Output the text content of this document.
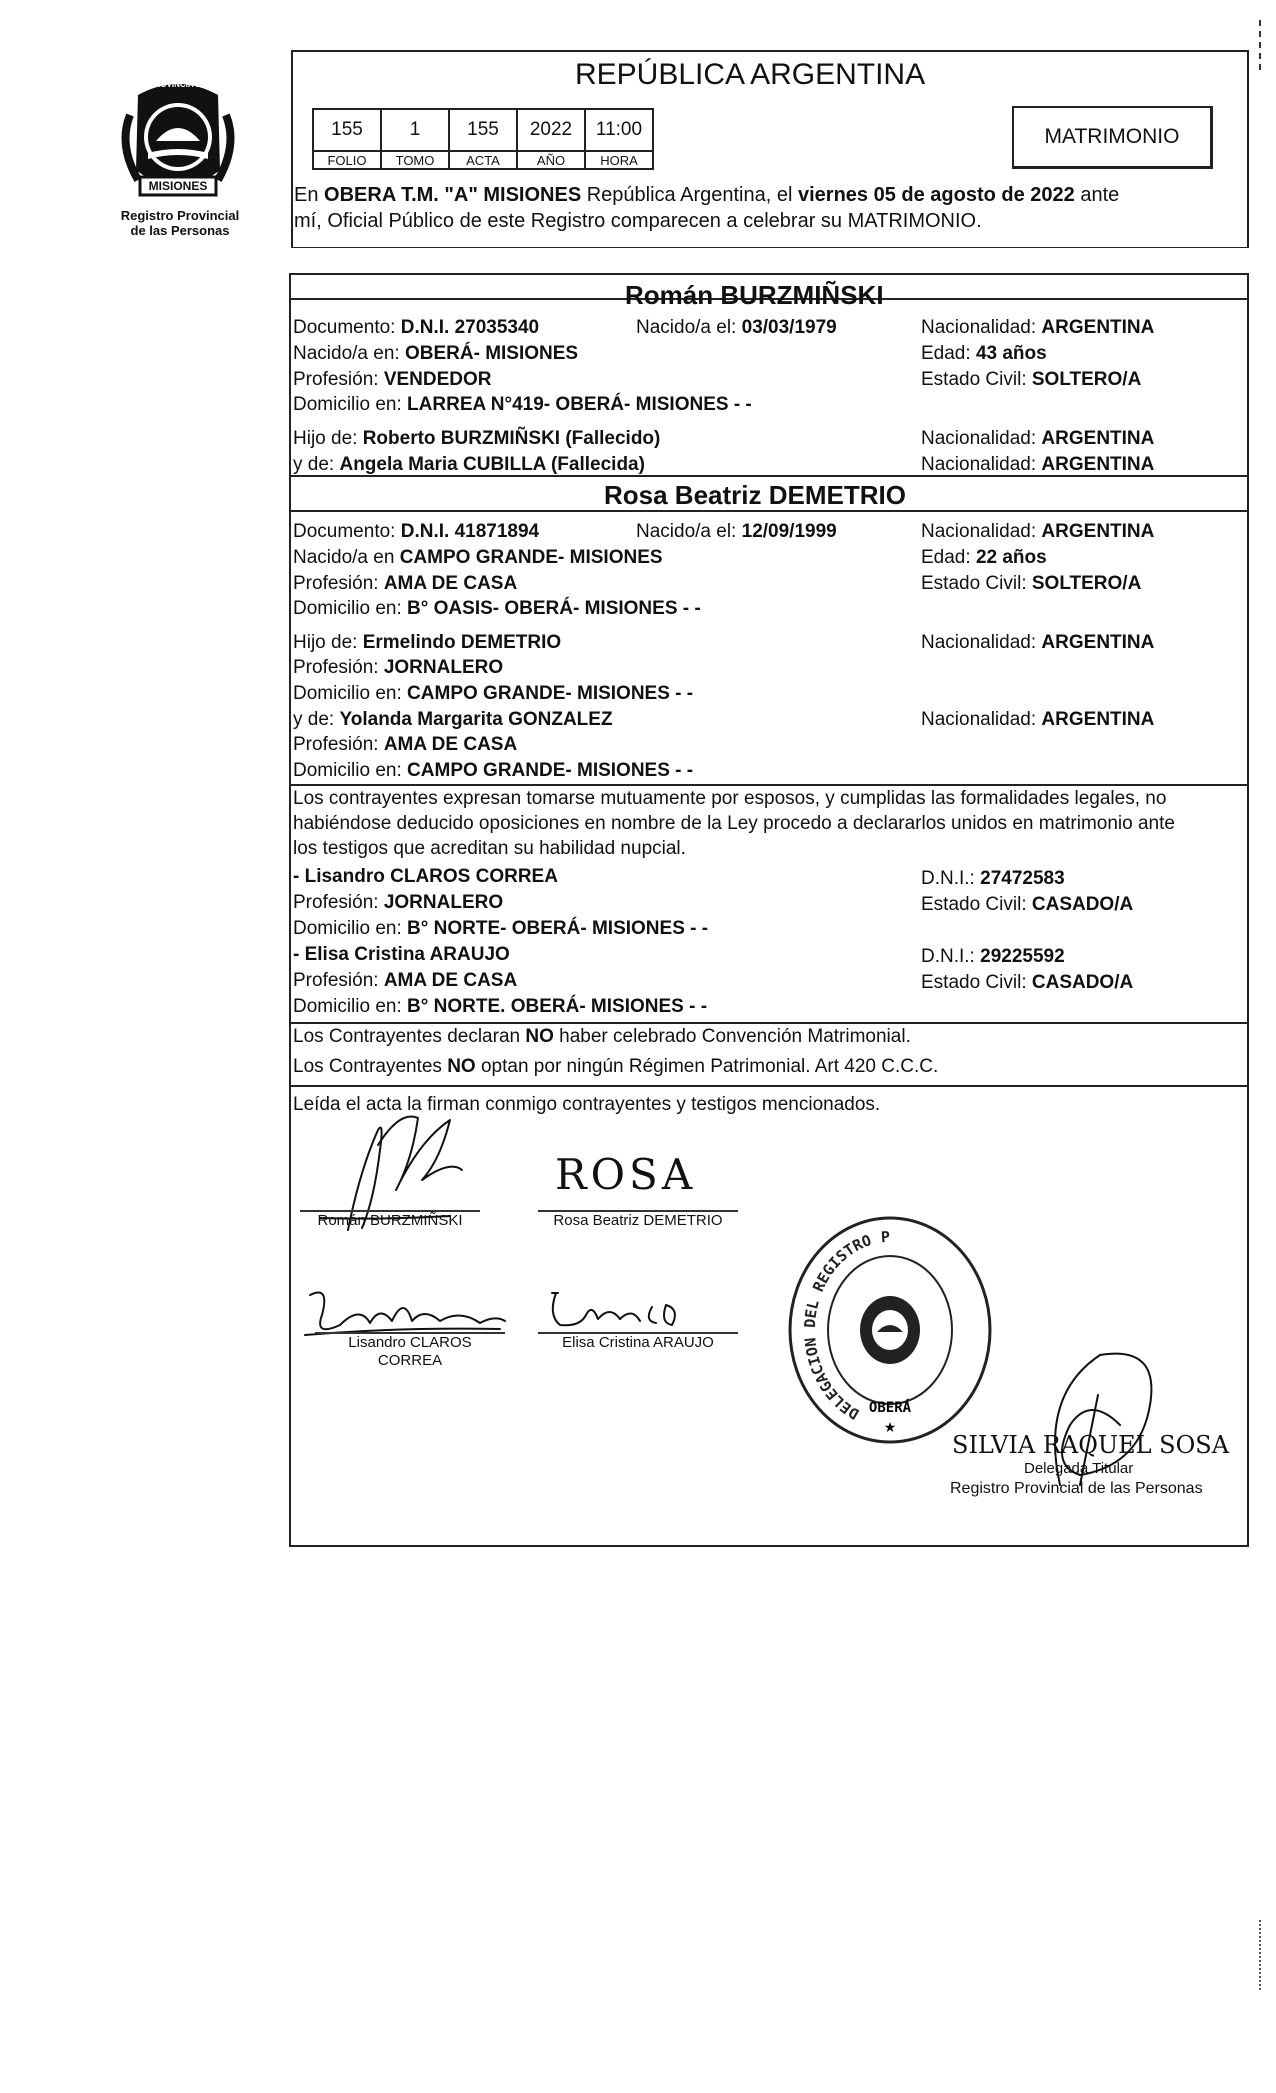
PROVINCIA DE
MISIONES
Registro Provincial
de las Personas
REPÚBLICA ARGENTINA
155	1	155	2022	11:00
FOLIO	TOMO	ACTA	AÑO	HORA
MATRIMONIO
En OBERA T.M. "A" MISIONES República Argentina, el viernes 05 de agosto de 2022 ante
mí, Oficial Público de este Registro comparecen a celebrar su MATRIMONIO.
Román BURZMIÑSKI
Documento: D.N.I. 27035340	Nacido/a el: 03/03/1979	Nacionalidad: ARGENTINA
Nacido/a en: OBERÁ- MISIONES	Edad: 43 años
Profesión: VENDEDOR	Estado Civil: SOLTERO/A
Domicilio en: LARREA N°419- OBERÁ- MISIONES - -
Hijo de: Roberto BURZMIÑSKI (Fallecido)	Nacionalidad: ARGENTINA
y de: Angela Maria CUBILLA (Fallecida)	Nacionalidad: ARGENTINA
Rosa Beatriz DEMETRIO
Documento: D.N.I. 41871894	Nacido/a el: 12/09/1999	Nacionalidad: ARGENTINA
Nacido/a en CAMPO GRANDE- MISIONES	Edad: 22 años
Profesión: AMA DE CASA	Estado Civil: SOLTERO/A
Domicilio en: B° OASIS- OBERÁ- MISIONES - -
Hijo de: Ermelindo DEMETRIO	Nacionalidad: ARGENTINA
Profesión: JORNALERO
Domicilio en: CAMPO GRANDE- MISIONES - -
y de: Yolanda Margarita GONZALEZ	Nacionalidad: ARGENTINA
Profesión: AMA DE CASA
Domicilio en: CAMPO GRANDE- MISIONES - -
Los contrayentes expresan tomarse mutuamente por esposos, y cumplidas las formalidades legales, no
habiéndose deducido oposiciones en nombre de la Ley procedo a declararlos unidos en matrimonio ante
los testigos que acreditan su habilidad nupcial.
- Lisandro CLAROS CORREA	D.N.I.: 27472583
Profesión: JORNALERO	Estado Civil: CASADO/A
Domicilio en: B° NORTE- OBERÁ- MISIONES - -
- Elisa Cristina ARAUJO	D.N.I.: 29225592
Profesión: AMA DE CASA	Estado Civil: CASADO/A
Domicilio en: B° NORTE. OBERÁ- MISIONES - -
Los Contrayentes declaran NO haber celebrado Convención Matrimonial.
Los Contrayentes NO optan por ningún Régimen Patrimonial. Art 420 C.C.C.
Leída el acta la firman conmigo contrayentes y testigos mencionados.
Román BURZMIÑSKI
ROSA
Rosa Beatriz DEMETRIO
Lisandro CLAROS
CORREA
Elisa Cristina ARAUJO
DELEGACION DEL REGISTRO P
OBERÁ
★
SILVIA RAQUEL SOSA
Delegada Titular
Registro Provincial de las Personas
